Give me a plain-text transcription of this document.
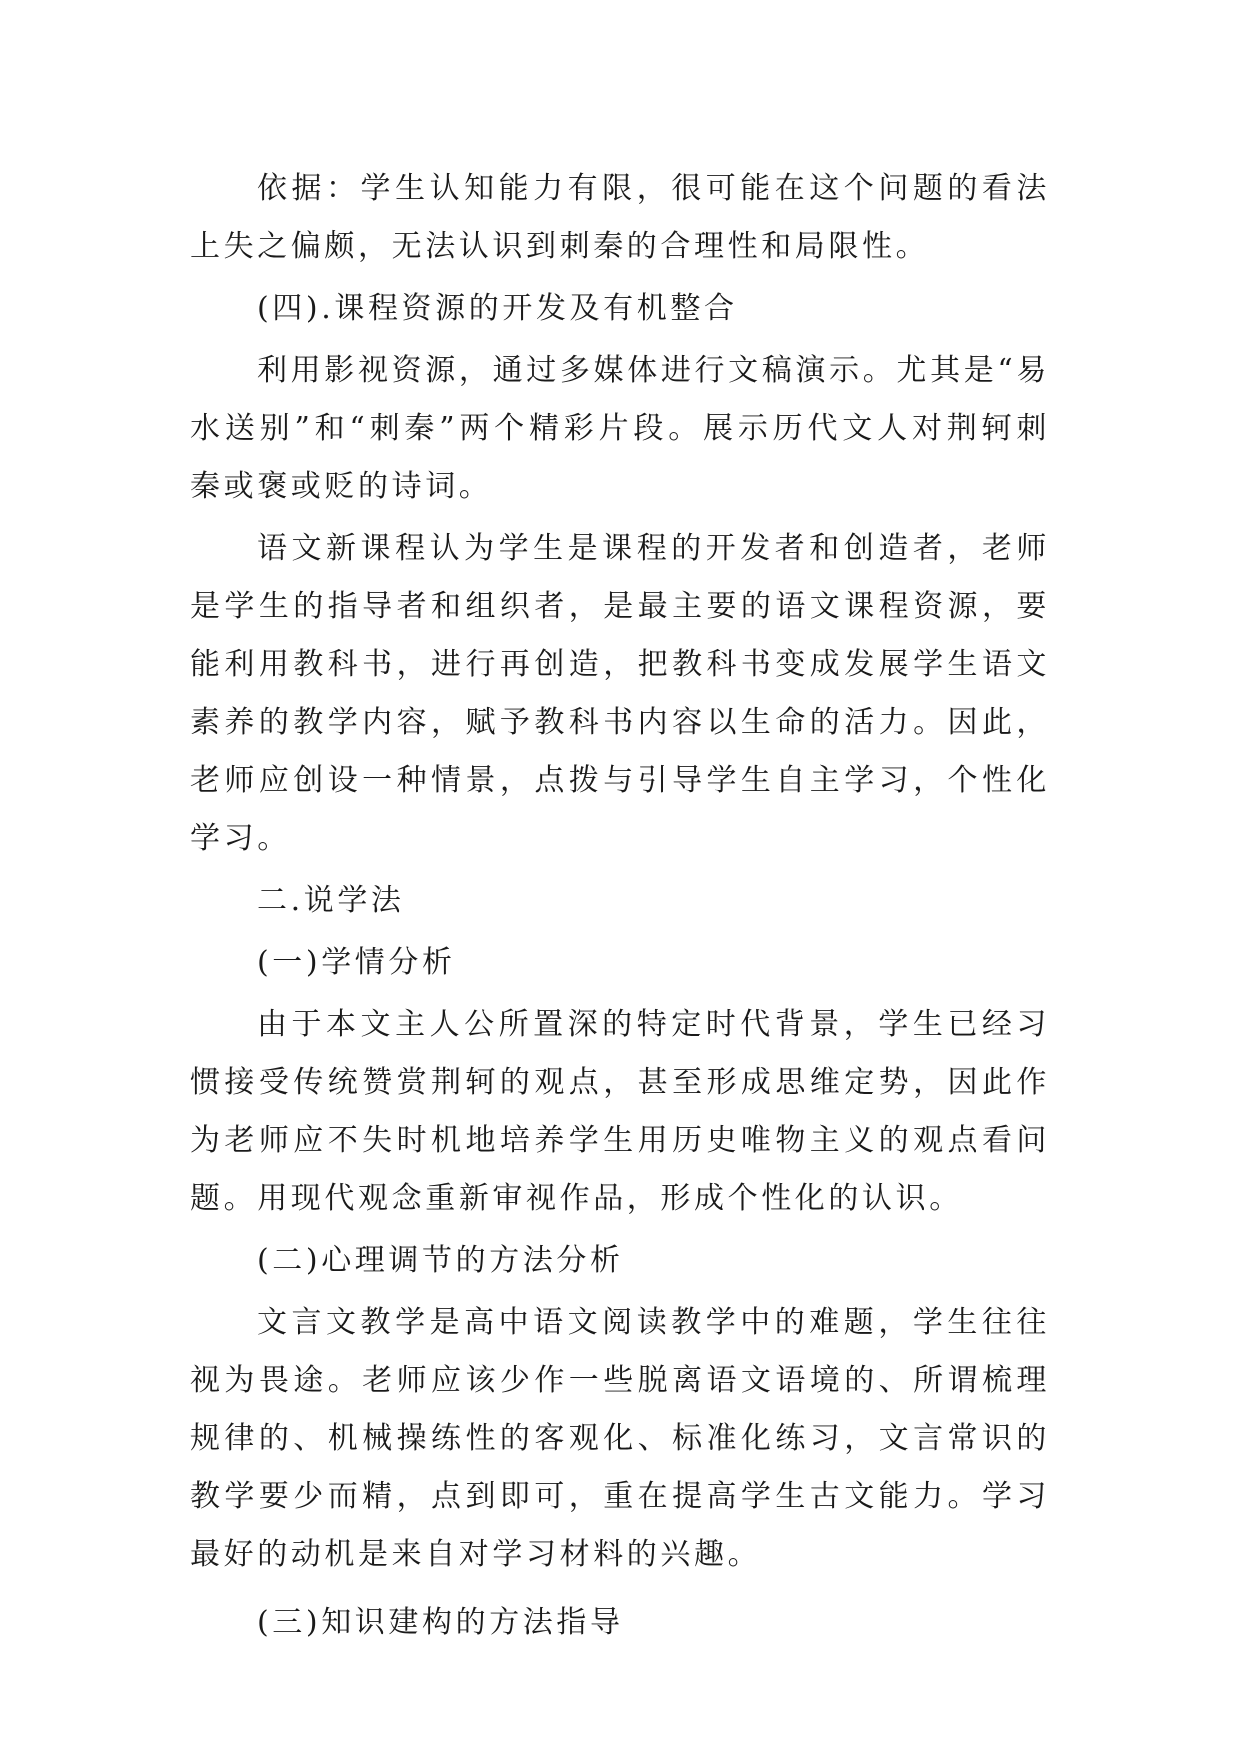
依据：学生认知能力有限，很可能在这个问题的看法上失之偏颇，无法认识到刺秦的合理性和局限性。

(四).课程资源的开发及有机整合

利用影视资源，通过多媒体进行文稿演示。尤其是“易水送别”和“刺秦”两个精彩片段。展示历代文人对荆轲刺秦或褒或贬的诗词。

语文新课程认为学生是课程的开发者和创造者，老师是学生的指导者和组织者，是最主要的语文课程资源，要能利用教科书，进行再创造，把教科书变成发展学生语文素养的教学内容，赋予教科书内容以生命的活力。因此，老师应创设一种情景，点拨与引导学生自主学习，个性化学习。

二.说学法

(一)学情分析

由于本文主人公所置深的特定时代背景，学生已经习惯接受传统赞赏荆轲的观点，甚至形成思维定势，因此作为老师应不失时机地培养学生用历史唯物主义的观点看问题。用现代观念重新审视作品，形成个性化的认识。

(二)心理调节的方法分析

文言文教学是高中语文阅读教学中的难题，学生往往视为畏途。老师应该少作一些脱离语文语境的、所谓梳理规律的、机械操练性的客观化、标准化练习，文言常识的教学要少而精，点到即可，重在提高学生古文能力。学习最好的动机是来自对学习材料的兴趣。

(三)知识建构的方法指导
